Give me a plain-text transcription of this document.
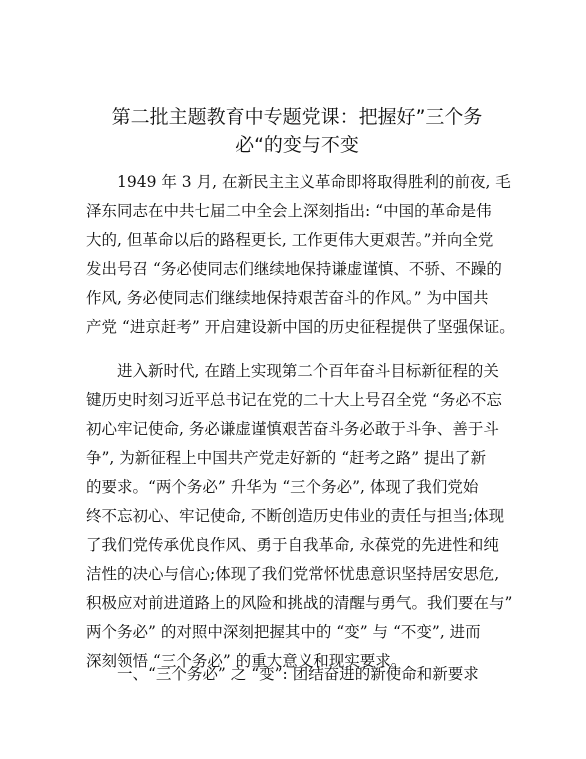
第二批主题教育中专题党课：把握好”三个务
必“的变与不变
1949 年 3 月, 在新民主主义革命即将取得胜利的前夜, 毛
泽东同志在中共七届二中全会上深刻指出: “中国的革命是伟
大的, 但革命以后的路程更长, 工作更伟大更艰苦。”并向全党
发出号召 “务必使同志们继续地保持谦虚谨慎、不骄、不躁的
作风, 务必使同志们继续地保持艰苦奋斗的作风。” 为中国共
产党 “进京赶考” 开启建设新中国的历史征程提供了坚强保证。
进入新时代, 在踏上实现第二个百年奋斗目标新征程的关
键历史时刻习近平总书记在党的二十大上号召全党 “务必不忘
初心牢记使命, 务必谦虚谨慎艰苦奋斗务必敢于斗争、善于斗
争”, 为新征程上中国共产党走好新的 “赶考之路” 提出了新
的要求。“两个务必” 升华为 “三个务必”, 体现了我们党始
终不忘初心、牢记使命, 不断创造历史伟业的责任与担当;体现
了我们党传承优良作风、勇于自我革命, 永葆党的先进性和纯
洁性的决心与信心;体现了我们党常怀忧患意识坚持居安思危,
积极应对前进道路上的风险和挑战的清醒与勇气。我们要在与”
两个务必” 的对照中深刻把握其中的 “变” 与 “不变”, 进而
深刻领悟 “三个务必” 的重大意义和现实要求。
一、“三个务必” 之 “变”: 团结奋进的新使命和新要求
